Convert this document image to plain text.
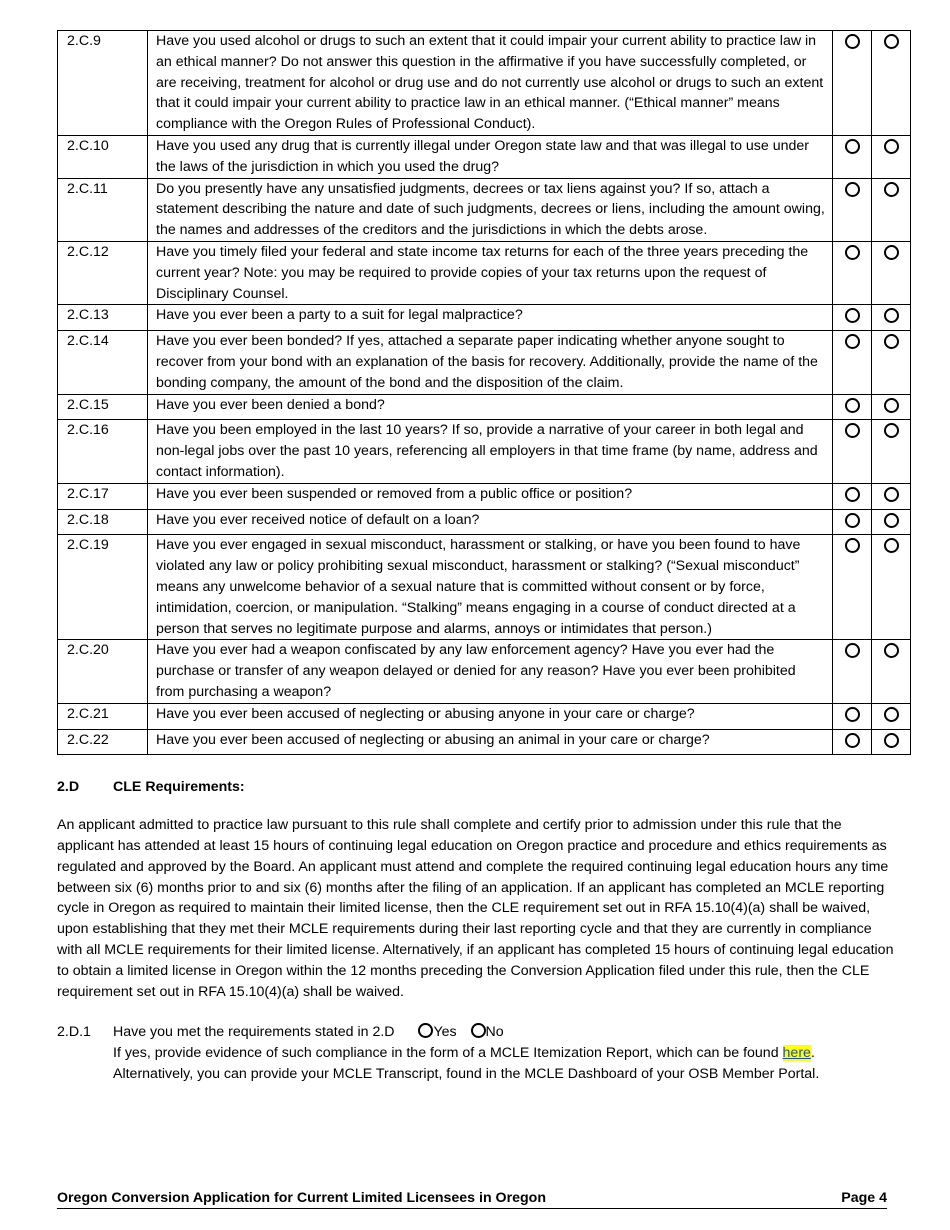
2.C.9	Have you used alcohol or drugs to such an extent that it could impair your current ability to practice law in an ethical manner? Do not answer this question in the affirmative if you have successfully completed, or are receiving, treatment for alcohol or drug use and do not currently use alcohol or drugs to such an extent that it could impair your current ability to practice law in an ethical manner. (“Ethical manner” means compliance with the Oregon Rules of Professional Conduct).		
2.C.10	Have you used any drug that is currently illegal under Oregon state law and that was illegal to use under the laws of the jurisdiction in which you used the drug?		
2.C.11	Do you presently have any unsatisfied judgments, decrees or tax liens against you? If so, attach a statement describing the nature and date of such judgments, decrees or liens, including the amount owing, the names and addresses of the creditors and the jurisdictions in which the debts arose.		
2.C.12	Have you timely filed your federal and state income tax returns for each of the three years preceding the current year? Note: you may be required to provide copies of your tax returns upon the request of Disciplinary Counsel.		
2.C.13	Have you ever been a party to a suit for legal malpractice?		
2.C.14	Have you ever been bonded? If yes, attached a separate paper indicating whether anyone sought to recover from your bond with an explanation of the basis for recovery. Additionally, provide the name of the bonding company, the amount of the bond and the disposition of the claim.		
2.C.15	Have you ever been denied a bond?		
2.C.16	Have you been employed in the last 10 years? If so, provide a narrative of your career in both legal and non-legal jobs over the past 10 years, referencing all employers in that time frame (by name, address and contact information).		
2.C.17	Have you ever been suspended or removed from a public office or position?		
2.C.18	Have you ever received notice of default on a loan?		
2.C.19	Have you ever engaged in sexual misconduct, harassment or stalking, or have you been found to have violated any law or policy prohibiting sexual misconduct, harassment or stalking? (“Sexual misconduct” means any unwelcome behavior of a sexual nature that is committed without consent or by force, intimidation, coercion, or manipulation. “Stalking” means engaging in a course of conduct directed at a person that serves no legitimate purpose and alarms, annoys or intimidates that person.)		
2.C.20	Have you ever had a weapon confiscated by any law enforcement agency? Have you ever had the purchase or transfer of any weapon delayed or denied for any reason? Have you ever been prohibited from purchasing a weapon?		
2.C.21	Have you ever been accused of neglecting or abusing anyone in your care or charge?		
2.C.22	Have you ever been accused of neglecting or abusing an animal in your care or charge?		
2.D CLE Requirements:
An applicant admitted to practice law pursuant to this rule shall complete and certify prior to admission under this rule that the applicant has attended at least 15 hours of continuing legal education on Oregon practice and procedure and ethics requirements as regulated and approved by the Board. An applicant must attend and complete the required continuing legal education hours any time between six (6) months prior to and six (6) months after the filing of an application. If an applicant has completed an MCLE reporting cycle in Oregon as required to maintain their limited license, then the CLE requirement set out in RFA 15.10(4)(a) shall be waived, upon establishing that they met their MCLE requirements during their last reporting cycle and that they are currently in compliance with all MCLE requirements for their limited license. Alternatively, if an applicant has completed 15 hours of continuing legal education to obtain a limited license in Oregon within the 12 months preceding the Conversion Application filed under this rule, then the CLE requirement set out in RFA 15.10(4)(a) shall be waived.
2.D.1 Have you met the requirements stated in 2.D	Yes No
If yes, provide evidence of such compliance in the form of a MCLE Itemization Report, which can be found here.
Alternatively, you can provide your MCLE Transcript, found in the MCLE Dashboard of your OSB Member Portal.
Oregon Conversion Application for Current Limited Licensees in Oregon	Page 4
